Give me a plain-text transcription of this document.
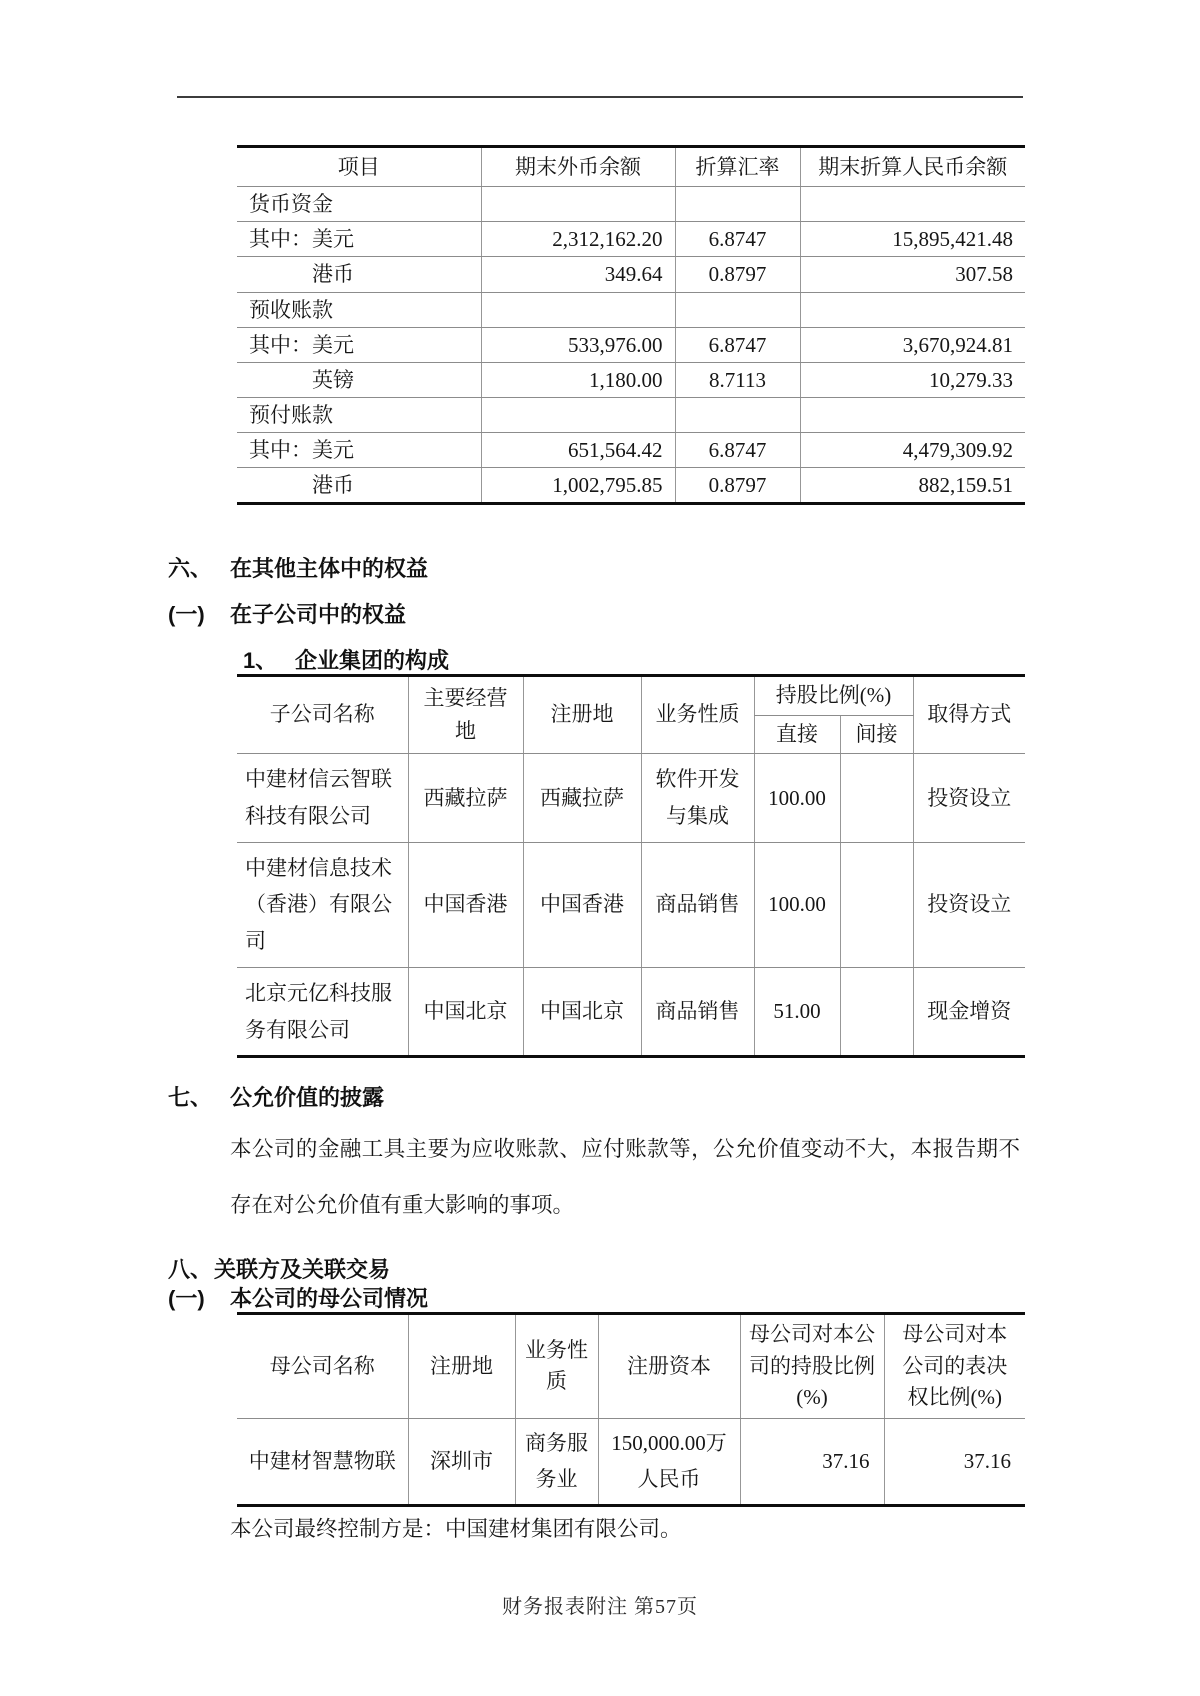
项目	期末外币余额	折算汇率	期末折算人民币余额
货币资金			
其中：美元	2,312,162.20	6.8747	15,895,421.48
港币	349.64	0.8797	307.58
预收账款			
其中：美元	533,976.00	6.8747	3,670,924.81
英镑	1,180.00	8.7113	10,279.33
预付账款			
其中：美元	651,564.42	6.8747	4,479,309.92
港币	1,002,795.85	0.8797	882,159.51
六、 在其他主体中的权益
(一) 在子公司中的权益
1、 企业集团的构成
子公司名称	主要经营地	注册地	业务性质	持股比例(%)		取得方式
				直接	间接	
中建材信云智联科技有限公司	西藏拉萨	西藏拉萨	软件开发与集成	100.00		投资设立
中建材信息技术（香港）有限公司	中国香港	中国香港	商品销售	100.00		投资设立
北京元亿科技服务有限公司	中国北京	中国北京	商品销售	51.00		现金增资
七、 公允价值的披露
本公司的金融工具主要为应收账款、应付账款等，公允价值变动不大，本报告期不存在对公允价值有重大影响的事项。
八、关联方及关联交易
(一) 本公司的母公司情况
母公司名称	注册地	业务性质	注册资本	母公司对本公司的持股比例(%)	母公司对本公司的表决权比例(%)
中建材智慧物联	深圳市	商务服务业	150,000.00万人民币	37.16	37.16
本公司最终控制方是：中国建材集团有限公司。
财务报表附注 第57页
